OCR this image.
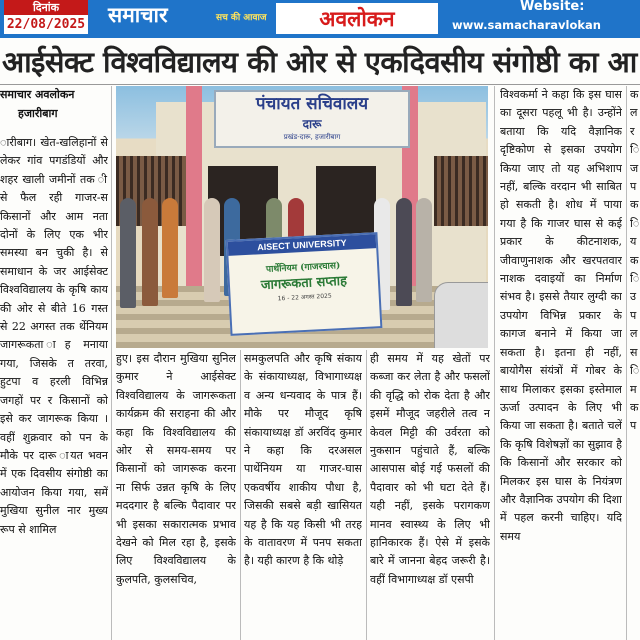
दिनांक
22/08/2025 समाचार	सच की आवाज	अवलोकन	Website:
www.samacharavlokan
आईसेक्ट विश्वविद्यालय की ओर से एकदिवसीय संगोष्ठी का आ
समाचार अवलोकन
हजारीबाग

ारीबाग। खेत-खलिहानों से लेकर गांव पगडंडियों और शहर खाली जमीनों तक ी से फैल रही गाजर-स किसानों और आम नता दोनों के लिए एक भीर समस्या बन चुकी है। से समाधान के जर आईसेक्ट विश्वविद्यालय के कृषि काय की ओर से बीते 16 गस्त से 22 अगस्त तक र्थेनियम जागरूकता ाह मनाया गया, जिसके त तरवा, हुटपा व हरली विभिन्न जगहों पर र किसानों को इसे कर जागरूक किया । वहीं शुक्रवार को पन के मौके पर दारू ायत भवन में एक दिवसीय संगोष्ठी का आयोजन किया गया, समें मुखिया सुनील नार मुख्य रूप से शामिल

पंचायत सचिवालय
दारू
प्रखंड-दारू, हजारीबाग
AISECT UNIVERSITY
पार्थेनियम (गाजरघास)
जागरूकता सप्ताह
16 - 22 अगस्त 2025

विश्वकर्मा ने कहा कि इस घास का दूसरा पहलू भी है। उन्होंने बताया कि यदि वैज्ञानिक दृष्टिकोण से इसका उपयोग किया जाए तो यह अभिशाप नहीं, बल्कि वरदान भी साबित हो सकती है। शोध में पाया गया है कि गाजर घास से कई प्रकार के कीटनाशक, जीवाणुनाशक और खरपतवार नाशक दवाइयों का निर्माण संभव है। इससे तैयार लुग्दी का उपयोग विभिन्न प्रकार के कागज बनाने में किया जा सकता है। इतना ही नहीं, बायोगैस संयंत्रों में गोबर के साथ मिलाकर इसका इस्तेमाल ऊर्जा उत्पादन के लिए भी किया जा सकता है। बताते चलें कि कृषि विशेषज्ञों का सुझाव है कि किसानों और सरकार को मिलकर इस घास के नियंत्रण और वैज्ञानिक उपयोग की दिशा में पहल करनी चाहिए। यदि समय

क ल र ि ज प क ि य क ि उ प ल स ि म क प

हुए। इस दौरान मुखिया सुनिल कुमार ने आईसेक्ट विश्वविद्यालय के जागरूकता कार्यक्रम की सराहना की और कहा कि विश्वविद्यालय की ओर से समय-समय पर किसानों को जागरूक करना ना सिर्फ उन्नत कृषि के लिए मददगार है बल्कि पैदावार पर भी इसका सकारात्मक प्रभाव देखने को मिल रहा है, इसके लिए विश्वविद्यालय के कुलपति, कुलसचिव,

समकुलपति और कृषि संकाय के संकायाध्यक्ष, विभागाध्यक्ष व अन्य धन्यवाद के पात्र हैं। मौके पर मौजूद कृषि संकायाध्यक्ष डॉ अरविंद कुमार ने कहा कि दरअसल पार्थेनियम या गाजर-घास एकवर्षीय शाकीय पौधा है, जिसकी सबसे बड़ी खासियत यह है कि यह किसी भी तरह के वातावरण में पनप सकता है। यही कारण है कि थोड़े

ही समय में यह खेतों पर कब्जा कर लेता है और फसलों की वृद्धि को रोक देता है और इसमें मौजूद जहरीले तत्व न केवल मिट्टी की उर्वरता को नुकसान पहुंचाते हैं, बल्कि आसपास बोई गई फसलों की पैदावार को भी घटा देते हैं। यही नहीं, इसके परागकण मानव स्वास्थ्य के लिए भी हानिकारक हैं। ऐसे में इसके बारे में जानना बेहद जरूरी है। वहीं विभागाध्यक्ष डॉ एसपी
